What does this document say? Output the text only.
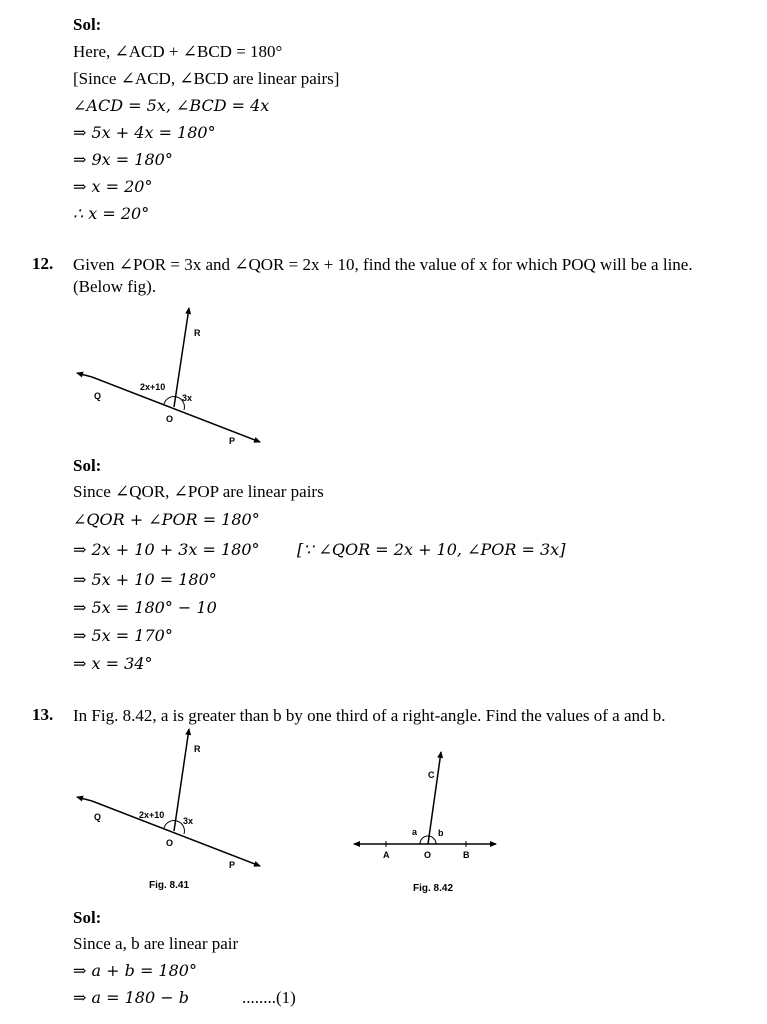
Sol:
Here, ∠ACD + ∠BCD = 180°
[Since ∠ACD, ∠BCD are linear pairs]
∠ACD = 5x, ∠BCD = 4x
⇒ 5x + 4x = 180°
⇒ 9x = 180°
⇒ x = 20°
∴ x = 20°
12. Given ∠POR = 3x and ∠QOR = 2x + 10, find the value of x for which POQ will be a line.
(Below fig).
R
Q
O
P
2x+10
3x
Sol:
Since ∠QOR, ∠POP are linear pairs
∠QOR + ∠POR = 180°
⇒ 2x + 10 + 3x = 180° [∵ ∠QOR = 2x + 10, ∠POR = 3x]
⇒ 5x + 10 = 180°
⇒ 5x = 180° − 10
⇒ 5x = 170°
⇒ x = 34°
13. In Fig. 8.42, a is greater than b by one third of a right-angle. Find the values of a and b.
R
Q
O
P
2x+10
3x
Fig. 8.41
C
a b
A	O	B
Fig. 8.42
Sol:
Since a, b are linear pair
⇒ a + b = 180°
⇒ a = 180 − b	........(1)
